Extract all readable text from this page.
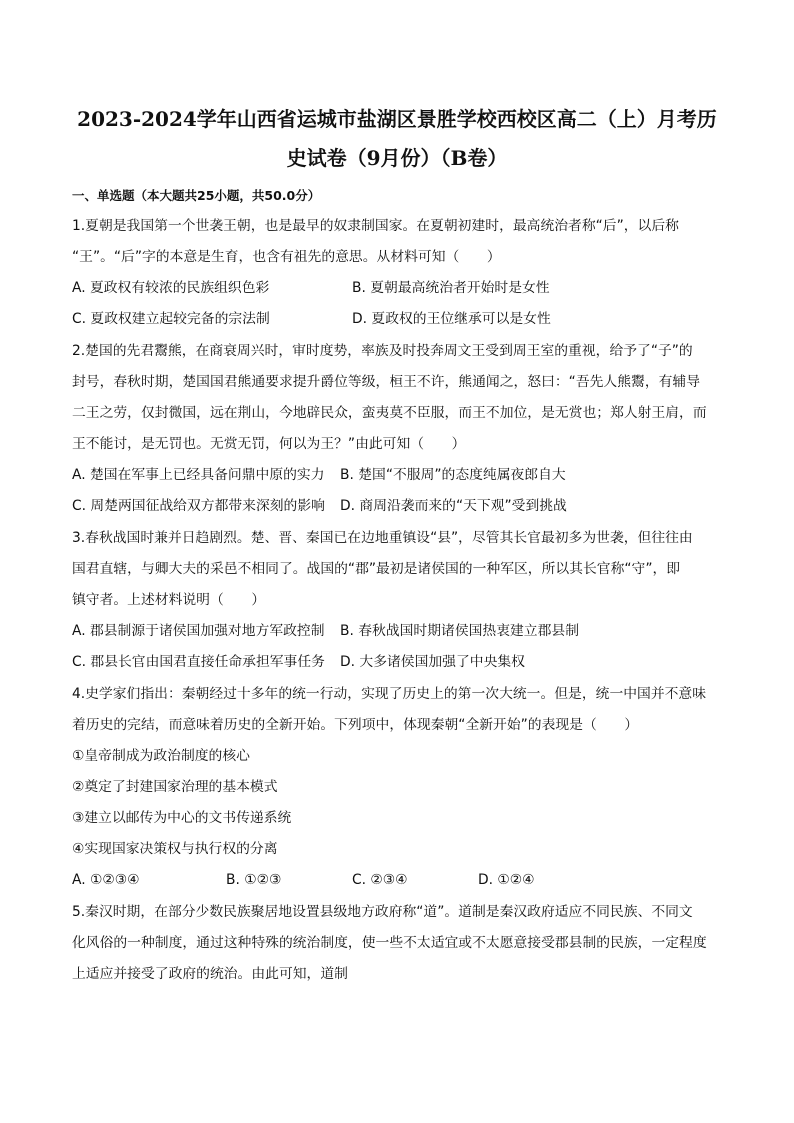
2023-2024学年山西省运城市盐湖区景胜学校西校区高二（上）月考历
史试卷（9月份）（B卷）
一、单选题（本大题共25小题，共50.0分）
1.夏朝是我国第一个世袭王朝，也是最早的奴隶制国家。在夏朝初建时，最高统治者称“后”，以后称
“王”。“后”字的本意是生育，也含有祖先的意思。从材料可知（　　）
A. 夏政权有较浓的民族组织色彩	B. 夏朝最高统治者开始时是女性
C. 夏政权建立起较完备的宗法制	D. 夏政权的王位继承可以是女性
2.楚国的先君鬻熊，在商衰周兴时，审时度势，率族及时投奔周文王受到周王室的重视，给予了“子”的
封号，春秋时期，楚国国君熊通要求提升爵位等级，桓王不许，熊通闻之，怒曰：“吾先人熊鬻，有辅导
二王之劳，仅封微国，远在荆山，今地辟民众，蛮夷莫不臣服，而王不加位，是无赏也；郑人射王肩，而
王不能讨，是无罚也。无赏无罚，何以为王？”由此可知（　　）
A. 楚国在军事上已经具备问鼎中原的实力 B. 楚国“不服周”的态度纯属夜郎自大
C. 周楚两国征战给双方都带来深刻的影响 D. 商周沿袭而来的“天下观”受到挑战
3.春秋战国时兼并日趋剧烈。楚、晋、秦国已在边地重镇设“县”，尽管其长官最初多为世袭，但往往由
国君直辖，与卿大夫的采邑不相同了。战国的“郡”最初是诸侯国的一种军区，所以其长官称“守”，即
镇守者。上述材料说明（　　）
A. 郡县制源于诸侯国加强对地方军政控制 B. 春秋战国时期诸侯国热衷建立郡县制
C. 郡县长官由国君直接任命承担军事任务 D. 大多诸侯国加强了中央集权
4.史学家们指出：秦朝经过十多年的统一行动，实现了历史上的第一次大统一。但是，统一中国并不意味
着历史的完结，而意味着历史的全新开始。下列项中，体现秦朝“全新开始”的表现是（　　）
①皇帝制成为政治制度的核心
②奠定了封建国家治理的基本模式
③建立以邮传为中心的文书传递系统
④实现国家决策权与执行权的分离
A. ①②③④	B. ①②③	C. ②③④	D. ①②④
5.秦汉时期，在部分少数民族聚居地设置县级地方政府称“道”。道制是秦汉政府适应不同民族、不同文
化风俗的一种制度，通过这种特殊的统治制度，使一些不太适宜或不太愿意接受郡县制的民族，一定程度
上适应并接受了政府的统治。由此可知，道制
